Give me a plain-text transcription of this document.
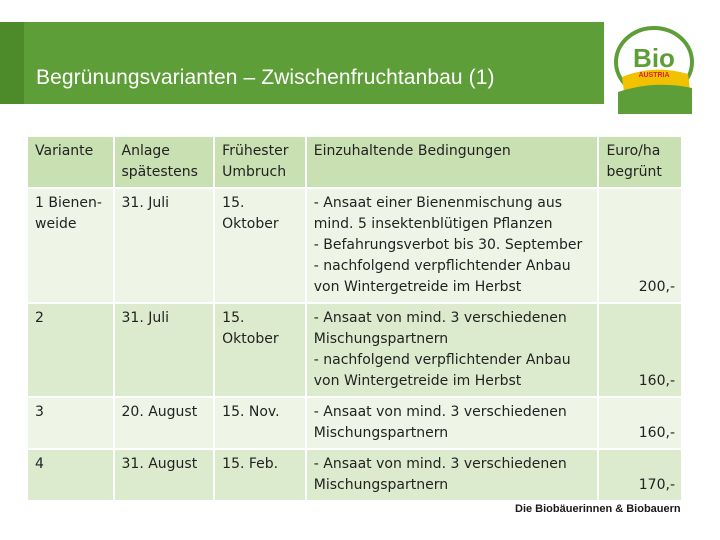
Begrünungsvarianten – Zwischenfruchtanbau (1)
Bio
AUSTRIA
Variante	Anlage spätestens	Frühester Umbruch	Einzuhaltende Bedingungen	Euro/ha begrünt
1 Bienen-weide	31. Juli	15. Oktober	- Ansaat einer Bienenmischung aus mind. 5 insektenblütigen Pflanzen
- Befahrungsverbot bis 30. September
- nachfolgend verpflichtender Anbau von Wintergetreide im Herbst	200,-
2	31. Juli	15. Oktober	- Ansaat von mind. 3 verschiedenen Mischungspartnern
- nachfolgend verpflichtender Anbau von Wintergetreide im Herbst	160,-
3	20. August	15. Nov.	- Ansaat von mind. 3 verschiedenen Mischungspartnern	160,-
4	31. August	15. Feb.	- Ansaat von mind. 3 verschiedenen Mischungspartnern	170,-
Die Biobäuerinnen & Biobauern
